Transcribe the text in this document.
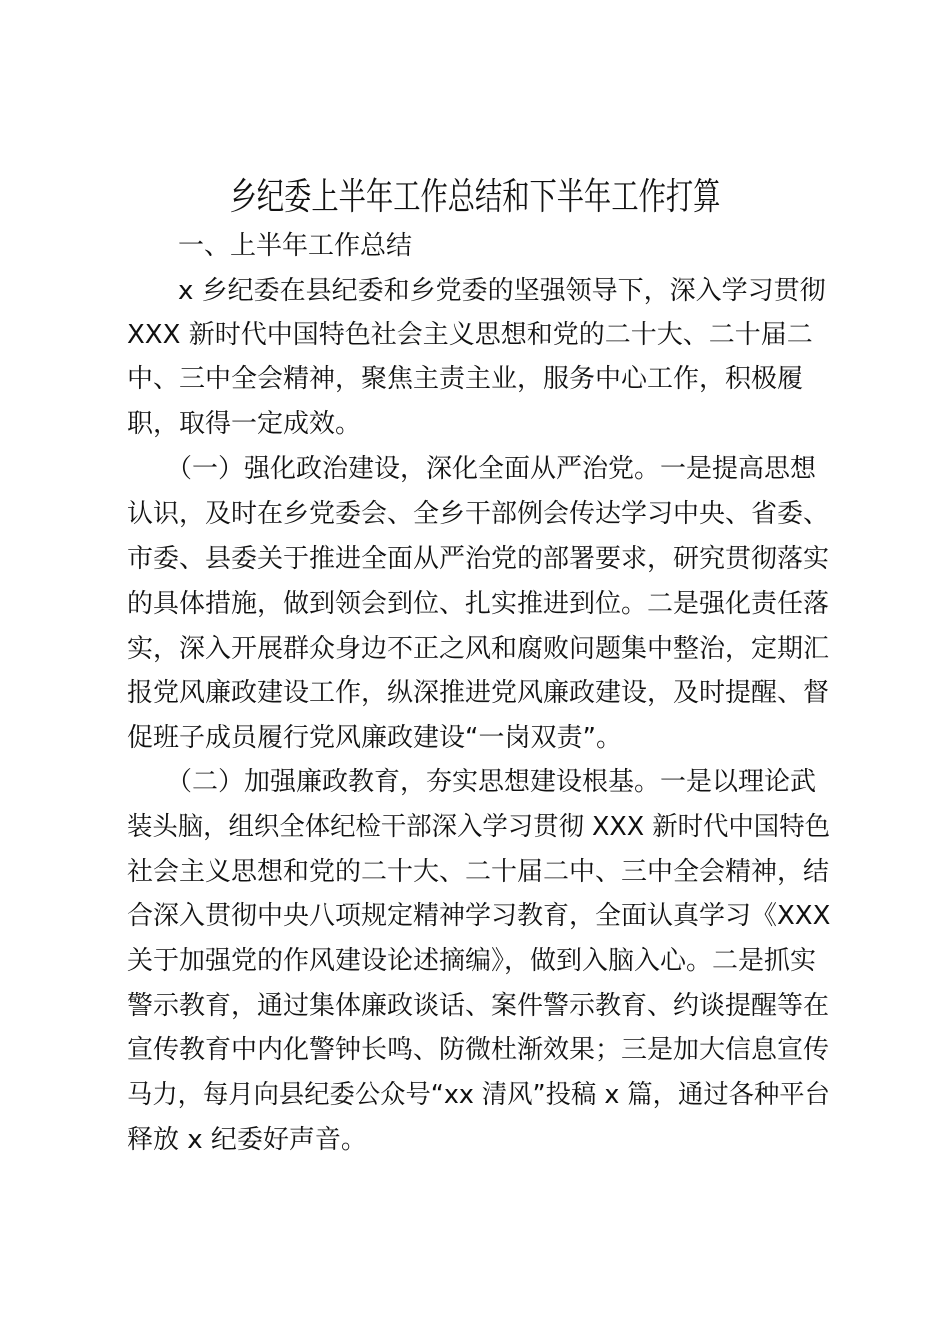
乡纪委上半年工作总结和下半年工作打算

一、上半年工作总结

x 乡纪委在县纪委和乡党委的坚强领导下，深入学习贯彻

XXX 新时代中国特色社会主义思想和党的二十大、二十届二

中、三中全会精神，聚焦主责主业，服务中心工作，积极履

职，取得一定成效。

（一）强化政治建设，深化全面从严治党。一是提高思想

认识，及时在乡党委会、全乡干部例会传达学习中央、省委、

市委、县委关于推进全面从严治党的部署要求，研究贯彻落实

的具体措施，做到领会到位、扎实推进到位。二是强化责任落

实，深入开展群众身边不正之风和腐败问题集中整治，定期汇

报党风廉政建设工作，纵深推进党风廉政建设，及时提醒、督

促班子成员履行党风廉政建设“一岗双责”。

（二）加强廉政教育，夯实思想建设根基。一是以理论武

装头脑，组织全体纪检干部深入学习贯彻 XXX 新时代中国特色

社会主义思想和党的二十大、二十届二中、三中全会精神，结

合深入贯彻中央八项规定精神学习教育，全面认真学习《XXX

关于加强党的作风建设论述摘编》，做到入脑入心。二是抓实

警示教育，通过集体廉政谈话、案件警示教育、约谈提醒等在

宣传教育中内化警钟长鸣、防微杜渐效果；三是加大信息宣传

马力，每月向县纪委公众号“xx 清风”投稿 x 篇，通过各种平台

释放 x 纪委好声音。
